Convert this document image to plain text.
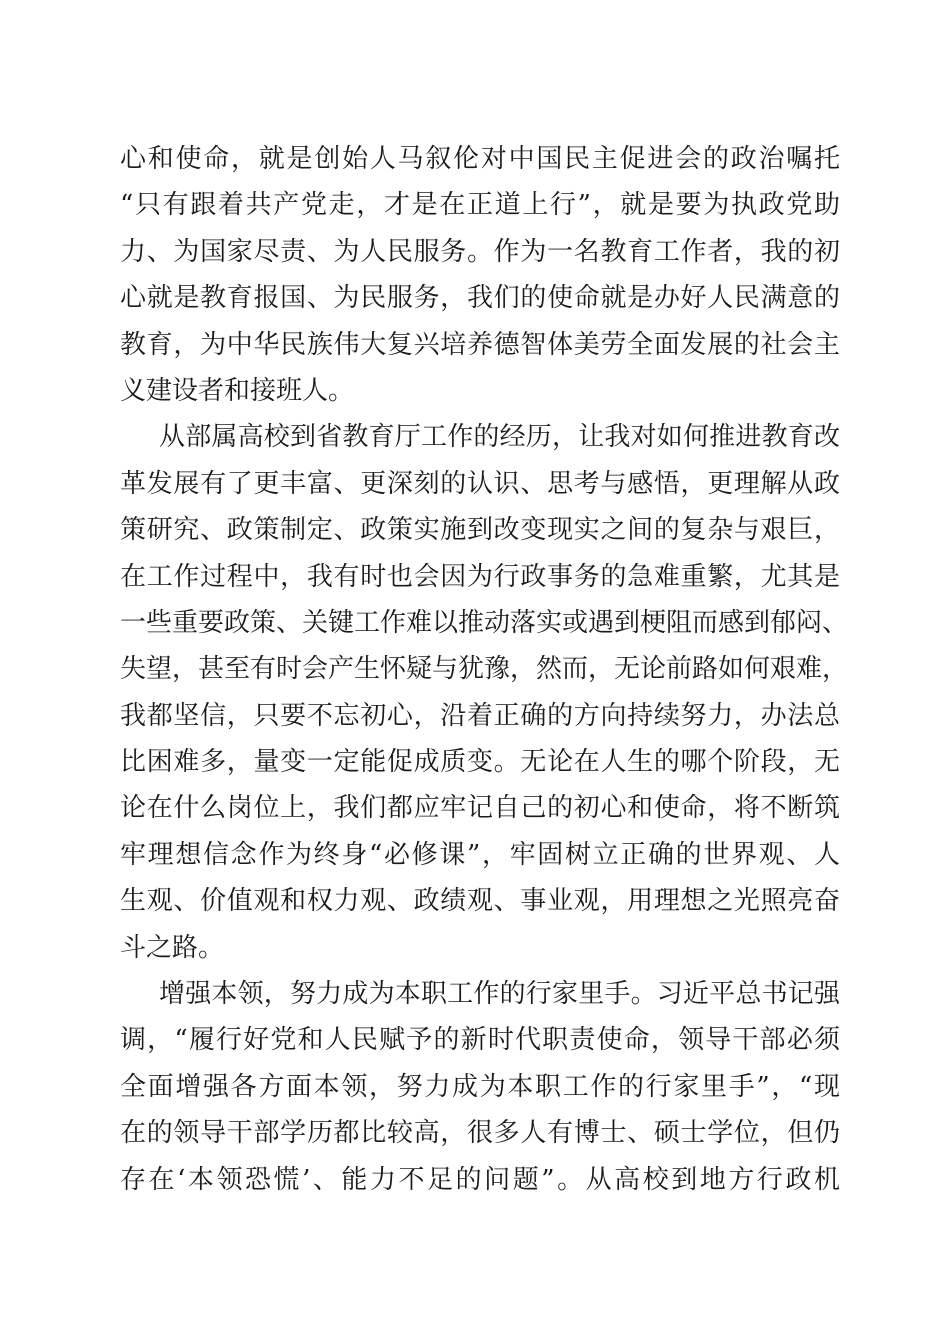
心和使命，就是创始人马叙伦对中国民主促进会的政治嘱托
“只有跟着共产党走，才是在正道上行”，就是要为执政党助
力、为国家尽责、为人民服务。作为一名教育工作者，我的初
心就是教育报国、为民服务，我们的使命就是办好人民满意的
教育，为中华民族伟大复兴培养德智体美劳全面发展的社会主
义建设者和接班人。
从部属高校到省教育厅工作的经历，让我对如何推进教育改
革发展有了更丰富、更深刻的认识、思考与感悟，更理解从政
策研究、政策制定、政策实施到改变现实之间的复杂与艰巨，
在工作过程中，我有时也会因为行政事务的急难重繁，尤其是
一些重要政策、关键工作难以推动落实或遇到梗阻而感到郁闷、
失望，甚至有时会产生怀疑与犹豫，然而，无论前路如何艰难，
我都坚信，只要不忘初心，沿着正确的方向持续努力，办法总
比困难多，量变一定能促成质变。无论在人生的哪个阶段，无
论在什么岗位上，我们都应牢记自己的初心和使命，将不断筑
牢理想信念作为终身“必修课”，牢固树立正确的世界观、人
生观、价值观和权力观、政绩观、事业观，用理想之光照亮奋
斗之路。
增强本领，努力成为本职工作的行家里手。习近平总书记强
调，“履行好党和人民赋予的新时代职责使命，领导干部必须
全面增强各方面本领，努力成为本职工作的行家里手”，“现
在的领导干部学历都比较高，很多人有博士、硕士学位，但仍
存在‘本领恐慌’、能力不足的问题”。从高校到地方行政机
